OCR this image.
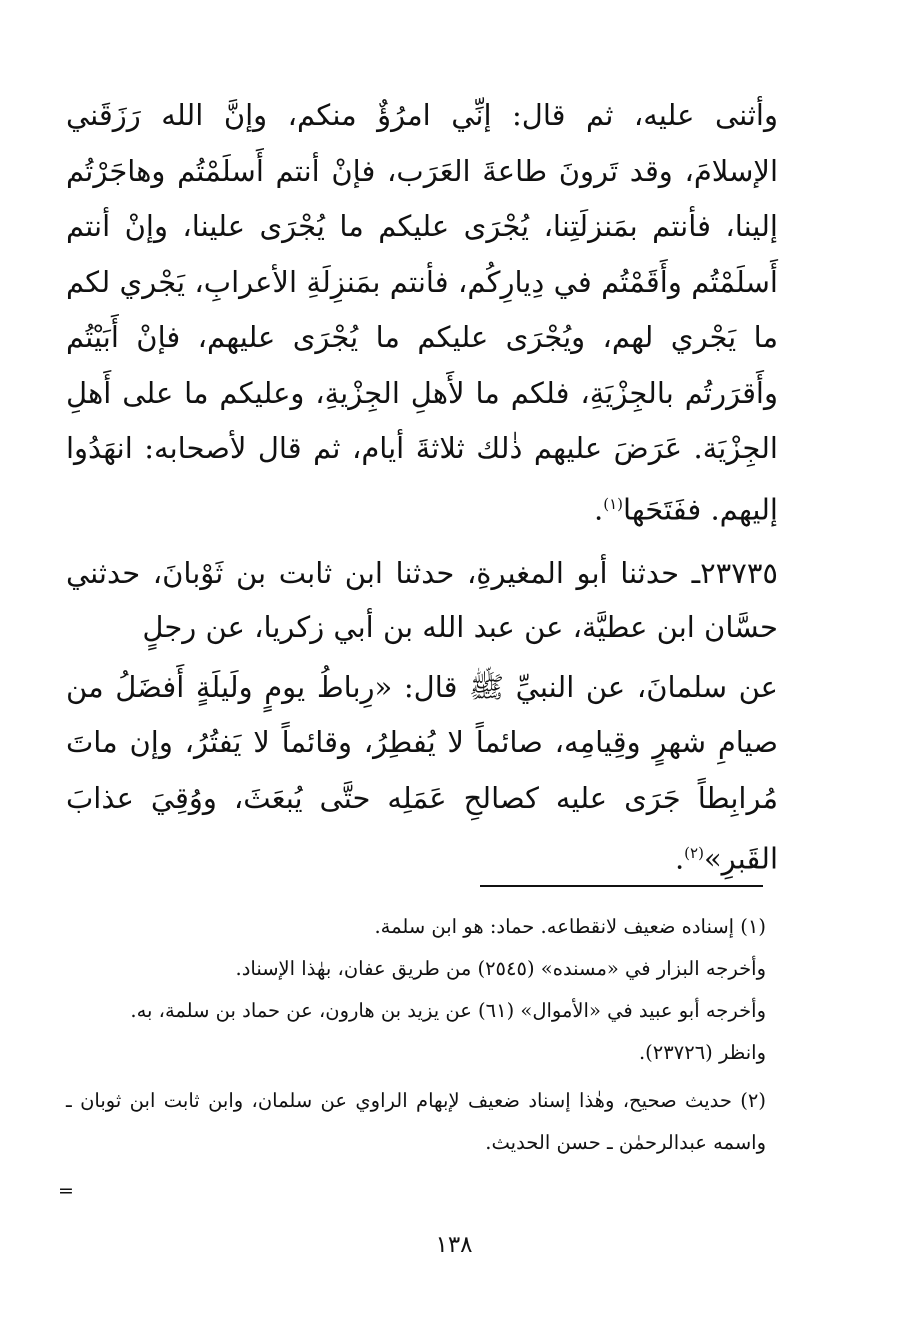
وأثنى عليه، ثم قال: إنِّي امرُؤٌ منكم، وإنَّ الله رَزَقَني الإسلامَ، وقد تَرونَ طاعةَ العَرَب، فإنْ أنتم أَسلَمْتُم وهاجَرْتُم إلينا، فأنتم بمَنزلَتِنا، يُجْرَى عليكم ما يُجْرَى علينا، وإنْ أنتم أَسلَمْتُم وأَقَمْتُم في دِيارِكُم، فأنتم بمَنزِلَةِ الأعرابِ، يَجْري لكم ما يَجْري لهم، ويُجْرَى عليكم ما يُجْرَى عليهم، فإنْ أَبَيْتُم وأَقرَرتُم بالجِزْيَةِ، فلكم ما لأَهلِ الجِزْيةِ، وعليكم ما على أَهلِ الجِزْيَة. عَرَضَ عليهم ذٰلك ثلاثةَ أيام، ثم قال لأصحابه: انهَدُوا إليهم. ففَتَحَها$^{(١)}$.

٢٣٧٣٥ـ حدثنا أبو المغيرةِ، حدثنا ابن ثابت بن ثَوْبانَ، حدثني حسَّان ابن عطيَّة، عن عبد الله بن أبي زكريا، عن رجلٍ

عن سلمانَ، عن النبيِّ ﷺ قال: «رِباطُ يومٍ ولَيلَةٍ أَفضَلُ من صيامِ شهرٍ وقِيامِه، صائماً لا يُفطِرُ، وقائماً لا يَفتُرُ، وإن ماتَ مُرابِطاً جَرَى عليه كصالحِ عَمَلِه حتَّى يُبعَثَ، ووُقِيَ عذابَ القَبرِ»$^{(٢)}$.

(١) إسناده ضعيف لانقطاعه. حماد: هو ابن سلمة.

وأخرجه البزار في «مسنده» (٢٥٤٥) من طريق عفان، بهٰذا الإسناد.

وأخرجه أبو عبيد في «الأموال» (٦١) عن يزيد بن هارون، عن حماد بن سلمة، به.

وانظر (٢٣٧٢٦).

(٢) حديث صحيح، وهٰذا إسناد ضعيف لإبهام الراوي عن سلمان، وابن ثابت ابن ثوبان ـ واسمه عبدالرحمٰن ـ حسن الحديث.

=
١٣٨
